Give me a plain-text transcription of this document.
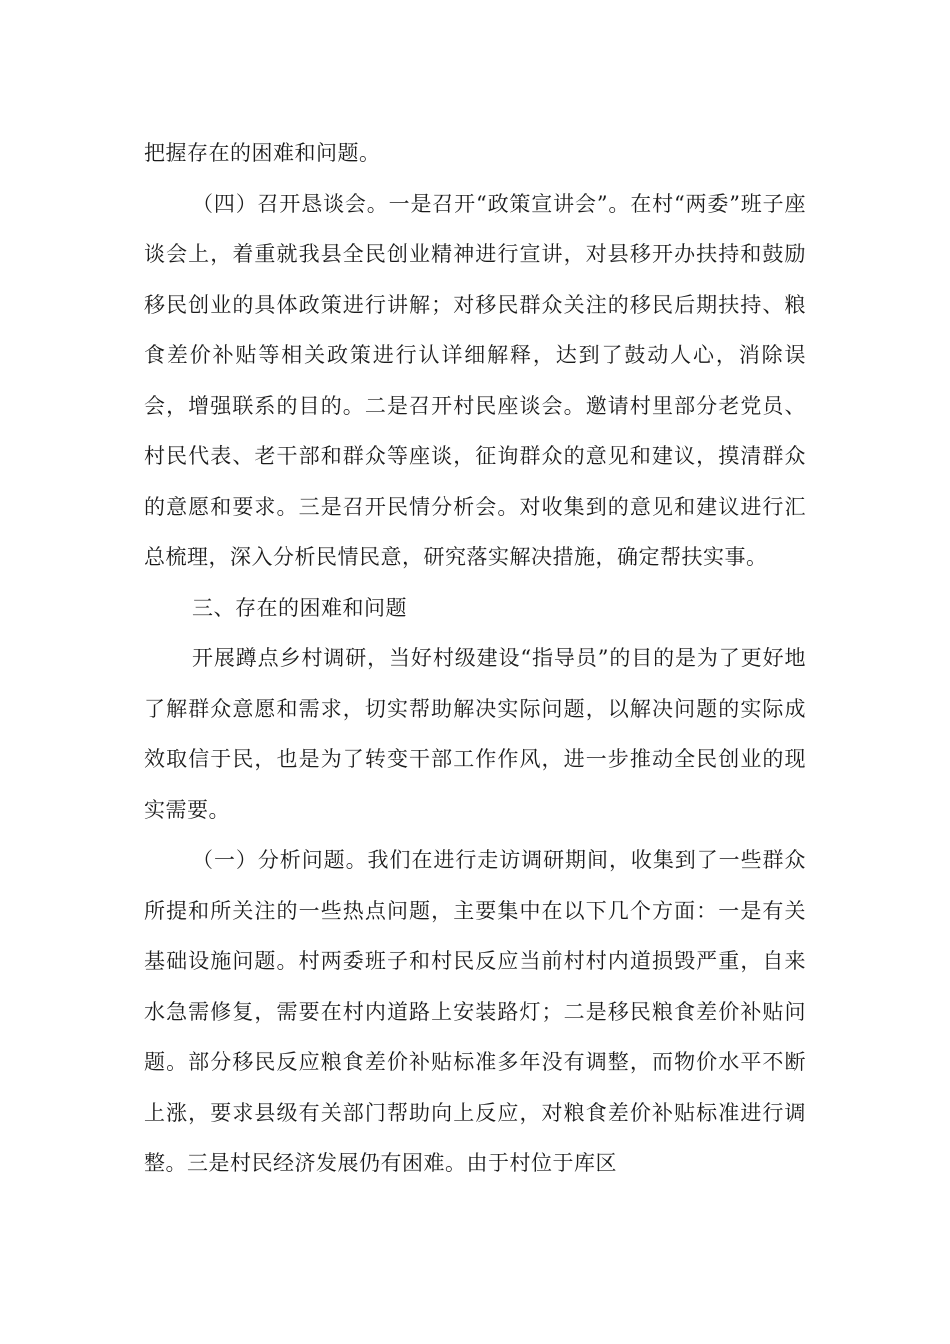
把握存在的困难和问题。

（四）召开恳谈会。一是召开“政策宣讲会”。在村“两委”班子座谈会上，着重就我县全民创业精神进行宣讲，对县移开办扶持和鼓励移民创业的具体政策进行讲解；对移民群众关注的移民后期扶持、粮食差价补贴等相关政策进行认详细解释，达到了鼓动人心，消除误会，增强联系的目的。二是召开村民座谈会。邀请村里部分老党员、村民代表、老干部和群众等座谈，征询群众的意见和建议，摸清群众的意愿和要求。三是召开民情分析会。对收集到的意见和建议进行汇总梳理，深入分析民情民意，研究落实解决措施，确定帮扶实事。

三、存在的困难和问题

开展蹲点乡村调研，当好村级建设“指导员”的目的是为了更好地了解群众意愿和需求，切实帮助解决实际问题，以解决问题的实际成效取信于民，也是为了转变干部工作作风，进一步推动全民创业的现实需要。

（一）分析问题。我们在进行走访调研期间，收集到了一些群众所提和所关注的一些热点问题，主要集中在以下几个方面：一是有关基础设施问题。村两委班子和村民反应当前村村内道损毁严重，自来水急需修复，需要在村内道路上安装路灯；二是移民粮食差价补贴问题。部分移民反应粮食差价补贴标准多年没有调整，而物价水平不断上涨，要求县级有关部门帮助向上反应，对粮食差价补贴标准进行调整。三是村民经济发展仍有困难。由于村位于库区
